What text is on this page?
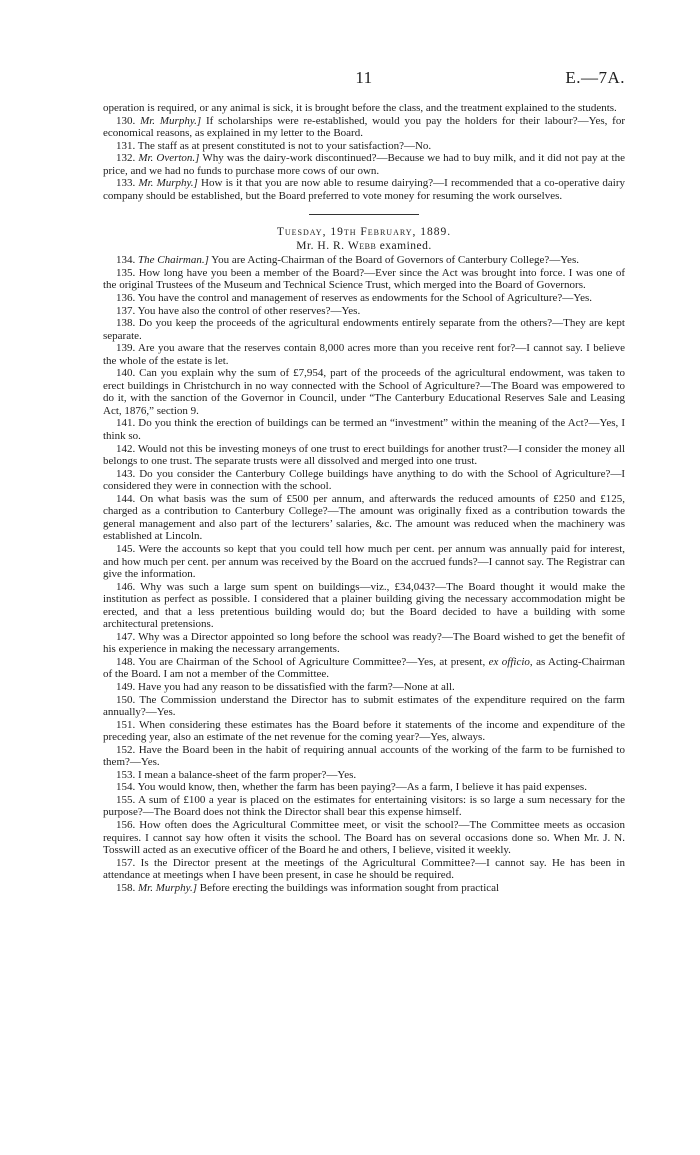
11	E.—7A.

operation is required, or any animal is sick, it is brought before the class, and the treatment explained to the students.

130. Mr. Murphy.] If scholarships were re-established, would you pay the holders for their labour?—Yes, for economical reasons, as explained in my letter to the Board.

131. The staff as at present constituted is not to your satisfaction?—No.

132. Mr. Overton.] Why was the dairy-work discontinued?—Because we had to buy milk, and it did not pay at the price, and we had no funds to purchase more cows of our own.

133. Mr. Murphy.] How is it that you are now able to resume dairying?—I recommended that a co-operative dairy company should be established, but the Board preferred to vote money for resuming the work ourselves.

Tuesday, 19th February, 1889.
Mr. H. R. Webb examined.

134. The Chairman.] You are Acting-Chairman of the Board of Governors of Canterbury College?—Yes.

135. How long have you been a member of the Board?—Ever since the Act was brought into force. I was one of the original Trustees of the Museum and Technical Science Trust, which merged into the Board of Governors.

136. You have the control and management of reserves as endowments for the School of Agriculture?—Yes.

137. You have also the control of other reserves?—Yes.

138. Do you keep the proceeds of the agricultural endowments entirely separate from the others?—They are kept separate.

139. Are you aware that the reserves contain 8,000 acres more than you receive rent for?—I cannot say. I believe the whole of the estate is let.

140. Can you explain why the sum of £7,954, part of the proceeds of the agricultural endowment, was taken to erect buildings in Christchurch in no way connected with the School of Agriculture?—The Board was empowered to do it, with the sanction of the Governor in Council, under “The Canterbury Educational Reserves Sale and Leasing Act, 1876,” section 9.

141. Do you think the erection of buildings can be termed an “investment” within the meaning of the Act?—Yes, I think so.

142. Would not this be investing moneys of one trust to erect buildings for another trust?—I consider the money all belongs to one trust. The separate trusts were all dissolved and merged into one trust.

143. Do you consider the Canterbury College buildings have anything to do with the School of Agriculture?—I considered they were in connection with the school.

144. On what basis was the sum of £500 per annum, and afterwards the reduced amounts of £250 and £125, charged as a contribution to Canterbury College?—The amount was originally fixed as a contribution towards the general management and also part of the lecturers’ salaries, &c. The amount was reduced when the machinery was established at Lincoln.

145. Were the accounts so kept that you could tell how much per cent. per annum was annually paid for interest, and how much per cent. per annum was received by the Board on the accrued funds?—I cannot say. The Registrar can give the information.

146. Why was such a large sum spent on buildings—viz., £34,043?—The Board thought it would make the institution as perfect as possible. I considered that a plainer building giving the necessary accommodation might be erected, and that a less pretentious building would do; but the Board decided to have a building with some architectural pretensions.

147. Why was a Director appointed so long before the school was ready?—The Board wished to get the benefit of his experience in making the necessary arrangements.

148. You are Chairman of the School of Agriculture Committee?—Yes, at present, ex officio, as Acting-Chairman of the Board. I am not a member of the Committee.

149. Have you had any reason to be dissatisfied with the farm?—None at all.

150. The Commission understand the Director has to submit estimates of the expenditure required on the farm annually?—Yes.

151. When considering these estimates has the Board before it statements of the income and expenditure of the preceding year, also an estimate of the net revenue for the coming year?—Yes, always.

152. Have the Board been in the habit of requiring annual accounts of the working of the farm to be furnished to them?—Yes.

153. I mean a balance-sheet of the farm proper?—Yes.

154. You would know, then, whether the farm has been paying?—As a farm, I believe it has paid expenses.

155. A sum of £100 a year is placed on the estimates for entertaining visitors: is so large a sum necessary for the purpose?—The Board does not think the Director shall bear this expense himself.

156. How often does the Agricultural Committee meet, or visit the school?—The Committee meets as occasion requires. I cannot say how often it visits the school. The Board has on several occasions done so. When Mr. J. N. Tosswill acted as an executive officer of the Board he and others, I believe, visited it weekly.

157. Is the Director present at the meetings of the Agricultural Committee?—I cannot say. He has been in attendance at meetings when I have been present, in case he should be required.

158. Mr. Murphy.] Before erecting the buildings was information sought from practical
